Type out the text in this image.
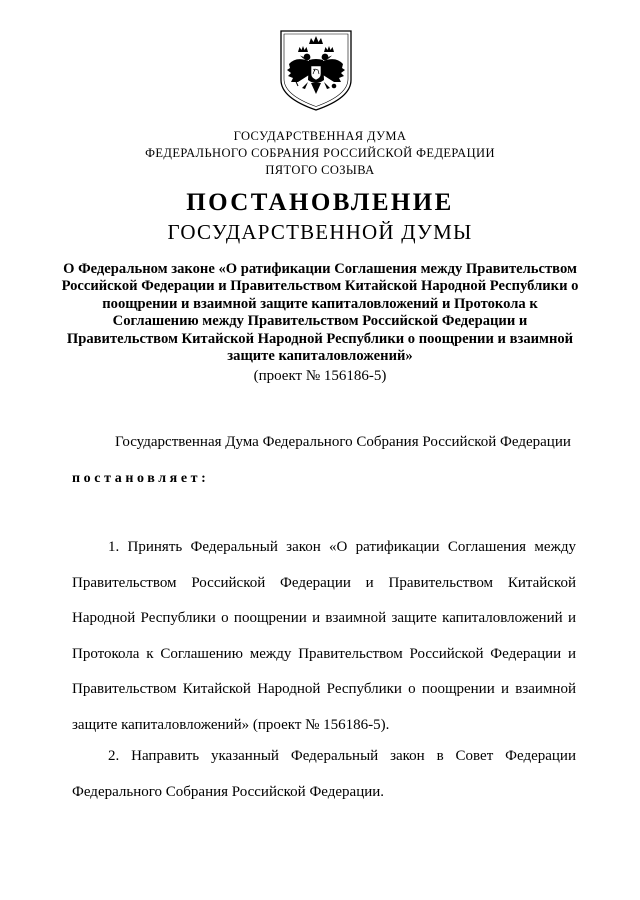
ГОСУДАРСТВЕННАЯ ДУМА
ФЕДЕРАЛЬНОГО СОБРАНИЯ РОССИЙСКОЙ ФЕДЕРАЦИИ
ПЯТОГО СОЗЫВА
ПОСТАНОВЛЕНИЕ
ГОСУДАРСТВЕННОЙ ДУМЫ
О Федеральном законе «О ратификации Соглашения между Правительством Российской Федерации и Правительством Китайской Народной Республики о поощрении и взаимной защите капиталовложений и Протокола к Соглашению между Правительством Российской Федерации и Правительством Китайской Народной Республики о поощрении и взаимной защите капиталовложений»
(проект № 156186-5)
Государственная Дума Федерального Собрания Российской Федерации
постановляет:
1. Принять Федеральный закон «О ратификации Соглашения между Правительством Российской Федерации и Правительством Китайской Народной Республики о поощрении и взаимной защите капиталовложений и Протокола к Соглашению между Правительством Российской Федерации и Правительством Китайской Народной Республики о поощрении и взаимной защите капиталовложений» (проект № 156186-5).
2. Направить указанный Федеральный закон в Совет Федерации Федерального Собрания Российской Федерации.
